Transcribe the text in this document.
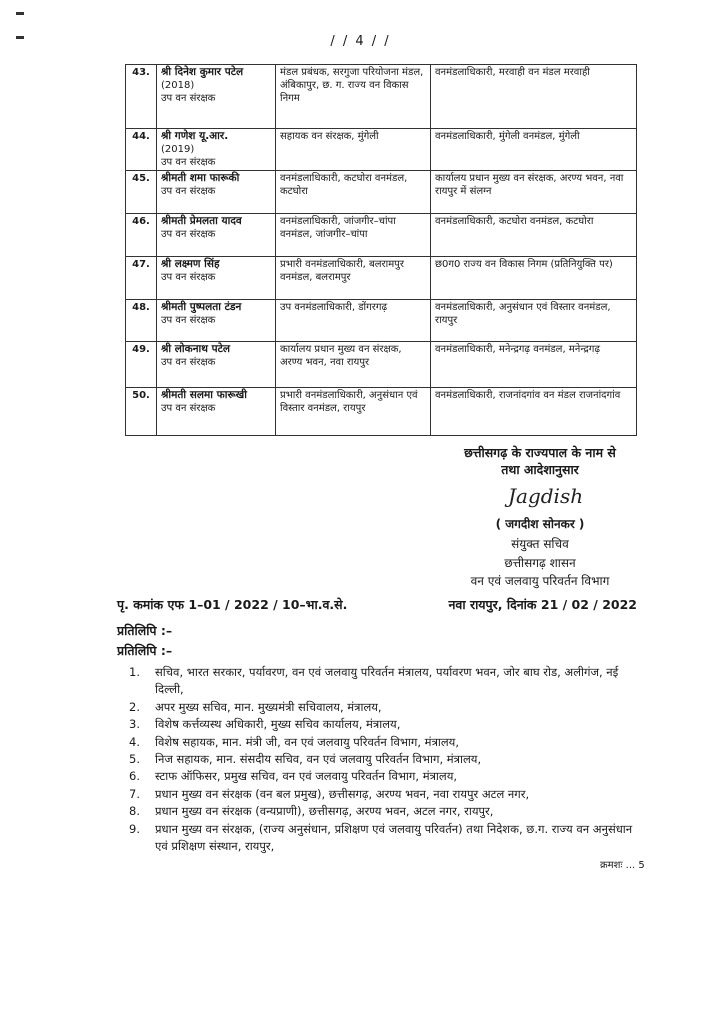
/ / 4 / /
43.	श्री दिनेश कुमार पटेल
(2018)
उप वन संरक्षक	मंडल प्रबंधक, सरगुजा परियोजना मंडल, अंबिकापुर, छ. ग. राज्य वन विकास निगम	वनमंडलाधिकारी, मरवाही वन मंडल मरवाही
44.	श्री गणेश यू.आर.
(2019)
उप वन संरक्षक	सहायक वन संरक्षक, मुंगेली	वनमंडलाधिकारी, मुंगेली वनमंडल, मुंगेली
45.	श्रीमती शमा फारूकी
उप वन संरक्षक	वनमंडलाधिकारी, कटघोरा वनमंडल, कटघोरा	कार्यालय प्रधान मुख्य वन संरक्षक, अरण्य भवन, नवा रायपुर में संलग्न
46.	श्रीमती प्रेमलता यादव
उप वन संरक्षक	वनमंडलाधिकारी, जांजगीर–चांपा वनमंडल, जांजगीर–चांपा	वनमंडलाधिकारी, कटघोरा वनमंडल, कटघोरा
47.	श्री लक्ष्मण सिंह
उप वन संरक्षक	प्रभारी वनमंडलाधिकारी, बलरामपुर वनमंडल, बलरामपुर	छ0ग0 राज्य वन विकास निगम (प्रतिनियुक्ति पर)
48.	श्रीमती पुष्पलता टंडन
उप वन संरक्षक	उप वनमंडलाधिकारी, डोंगरगढ़	वनमंडलाधिकारी, अनुसंधान एवं विस्तार वनमंडल, रायपुर
49.	श्री लोकनाथ पटेल
उप वन संरक्षक	कार्यालय प्रधान मुख्य वन संरक्षक, अरण्य भवन, नवा रायपुर	वनमंडलाधिकारी, मनेन्द्रगढ़ वनमंडल, मनेन्द्रगढ़
50.	श्रीमती सलमा फारूखी
उप वन संरक्षक	प्रभारी वनमंडलाधिकारी, अनुसंधान एवं विस्तार वनमंडल, रायपुर	वनमंडलाधिकारी, राजनांदगांव वन मंडल राजनांदगांव
छत्तीसगढ़ के राज्यपाल के नाम से
तथा आदेशानुसार
Jagdish
( जगदीश सोनकर )
संयुक्त सचिव
छत्तीसगढ़ शासन
वन एवं जलवायु परिवर्तन विभाग
पृ. कमांक एफ 1–01 / 2022 / 10–भा.व.से.	नवा रायपुर, दिनांक 21 / 02 / 2022
प्रतिलिपि :–
प्रतिलिपि :–
1.	सचिव, भारत सरकार, पर्यावरण, वन एवं जलवायु परिवर्तन मंत्रालय, पर्यावरण भवन, जोर बाघ रोड, अलीगंज, नई दिल्ली,
2.	अपर मुख्य सचिव, मान. मुख्यमंत्री सचिवालय, मंत्रालय,
3.	विशेष कर्त्तव्यस्थ अधिकारी, मुख्य सचिव कार्यालय, मंत्रालय,
4.	विशेष सहायक, मान. मंत्री जी, वन एवं जलवायु परिवर्तन विभाग, मंत्रालय,
5.	निज सहायक, मान. संसदीय सचिव, वन एवं जलवायु परिवर्तन विभाग, मंत्रालय,
6.	स्टाफ ऑफिसर, प्रमुख सचिव, वन एवं जलवायु परिवर्तन विभाग, मंत्रालय,
7.	प्रधान मुख्य वन संरक्षक (वन बल प्रमुख), छत्तीसगढ़, अरण्य भवन, नवा रायपुर अटल नगर,
8.	प्रधान मुख्य वन संरक्षक (वन्यप्राणी), छत्तीसगढ़, अरण्य भवन, अटल नगर, रायपुर,
9.	प्रधान मुख्य वन संरक्षक, (राज्य अनुसंधान, प्रशिक्षण एवं जलवायु परिवर्तन) तथा निदेशक, छ.ग. राज्य वन अनुसंधान एवं प्रशिक्षण संस्थान, रायपुर,
क्रमशः ... 5
